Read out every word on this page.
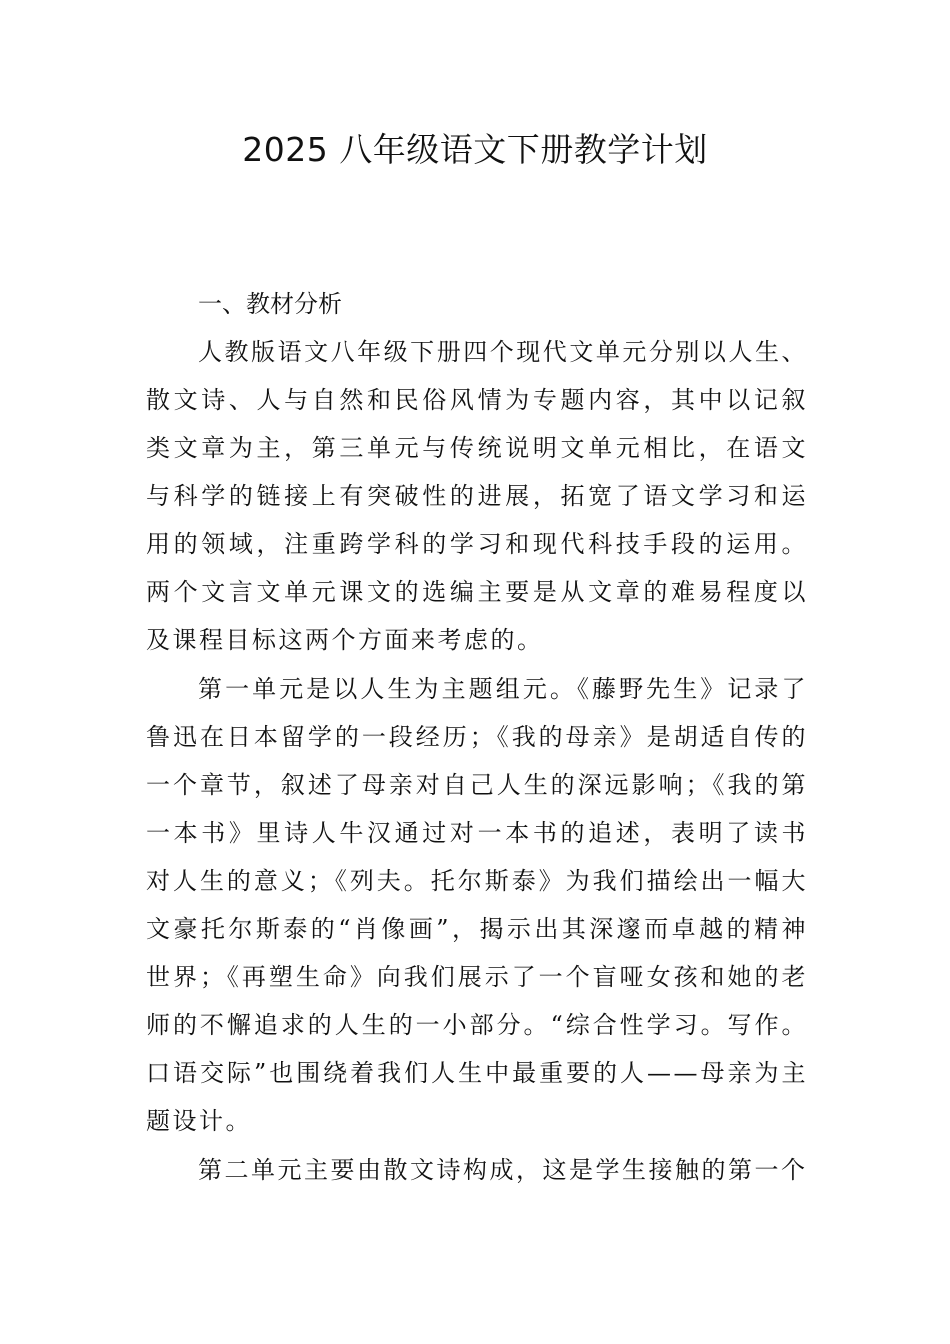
2025 八年级语文下册教学计划
一、教材分析

人教版语文八年级下册四个现代文单元分别以人生、散文诗、人与自然和民俗风情为专题内容，其中以记叙类文章为主，第三单元与传统说明文单元相比，在语文与科学的链接上有突破性的进展，拓宽了语文学习和运用的领域，注重跨学科的学习和现代科技手段的运用。两个文言文单元课文的选编主要是从文章的难易程度以及课程目标这两个方面来考虑的。

第一单元是以人生为主题组元。《藤野先生》记录了鲁迅在日本留学的一段经历；《我的母亲》是胡适自传的一个章节，叙述了母亲对自己人生的深远影响；《我的第一本书》里诗人牛汉通过对一本书的追述，表明了读书对人生的意义；《列夫。托尔斯泰》为我们描绘出一幅大文豪托尔斯泰的“肖像画”，揭示出其深邃而卓越的精神世界；《再塑生命》向我们展示了一个盲哑女孩和她的老师的不懈追求的人生的一小部分。“综合性学习。写作。口语交际”也围绕着我们人生中最重要的人——母亲为主题设计。

第二单元主要由散文诗构成，这是学生接触的第一个
